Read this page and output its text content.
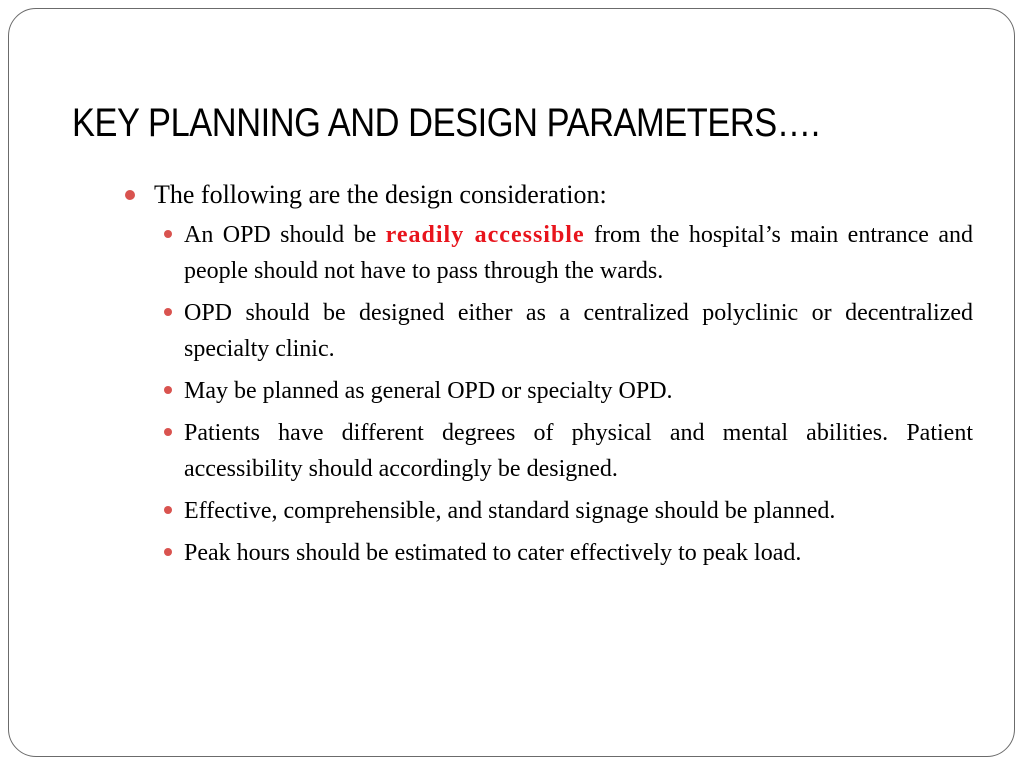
KEY PLANNING AND DESIGN PARAMETERS….
The following are the design consideration:
An OPD should be readily accessible from the hospital’s main entrance and people should not have to pass through the wards.
OPD should be designed either as a centralized polyclinic or decentralized specialty clinic.
May be planned as general OPD or specialty OPD.
Patients have different degrees of physical and mental abilities. Patient accessibility should accordingly be designed.
Effective, comprehensible, and standard signage should be planned.
Peak hours should be estimated to cater effectively to peak load.
